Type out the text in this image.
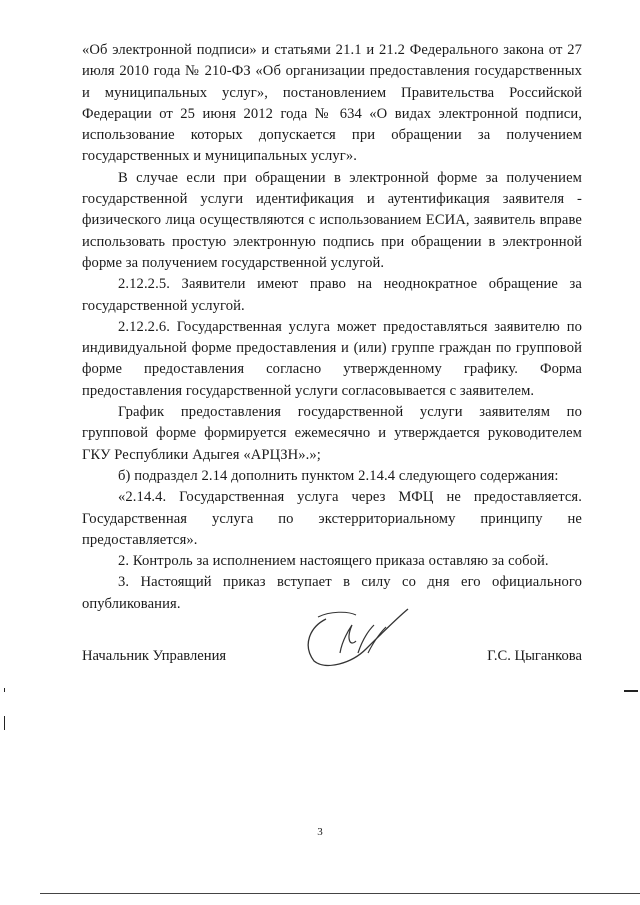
«Об электронной подписи» и статьями 21.1 и 21.2 Федерального закона от 27 июля 2010 года № 210-ФЗ «Об организации предоставления государственных и муниципальных услуг», постановлением Правительства Российской Федерации от 25 июня 2012 года № 634 «О видах электронной подписи, использование которых допускается при обращении за получением государственных и муниципальных услуг».

В случае если при обращении в электронной форме за получением государственной услуги идентификация и аутентификация заявителя - физического лица осуществляются с использованием ЕСИА, заявитель вправе использовать простую электронную подпись при обращении в электронной форме за получением государственной услугой.

2.12.2.5. Заявители имеют право на неоднократное обращение за государственной услугой.

2.12.2.6. Государственная услуга может предоставляться заявителю по индивидуальной форме предоставления и (или) группе граждан по групповой форме предоставления согласно утвержденному графику. Форма предоставления государственной услуги согласовывается с заявителем.

График предоставления государственной услуги заявителям по групповой форме формируется ежемесячно и утверждается руководителем ГКУ Республики Адыгея «АРЦЗН».»;

б) подраздел 2.14 дополнить пунктом 2.14.4 следующего содержания:

«2.14.4. Государственная услуга через МФЦ не предоставляется. Государственная услуга по экстерриториальному принципу не предоставляется».

2. Контроль за исполнением настоящего приказа оставляю за собой.

3. Настоящий приказ вступает в силу со дня его официального опубликования.

Начальник Управления	Г.С. Цыганкова
3
